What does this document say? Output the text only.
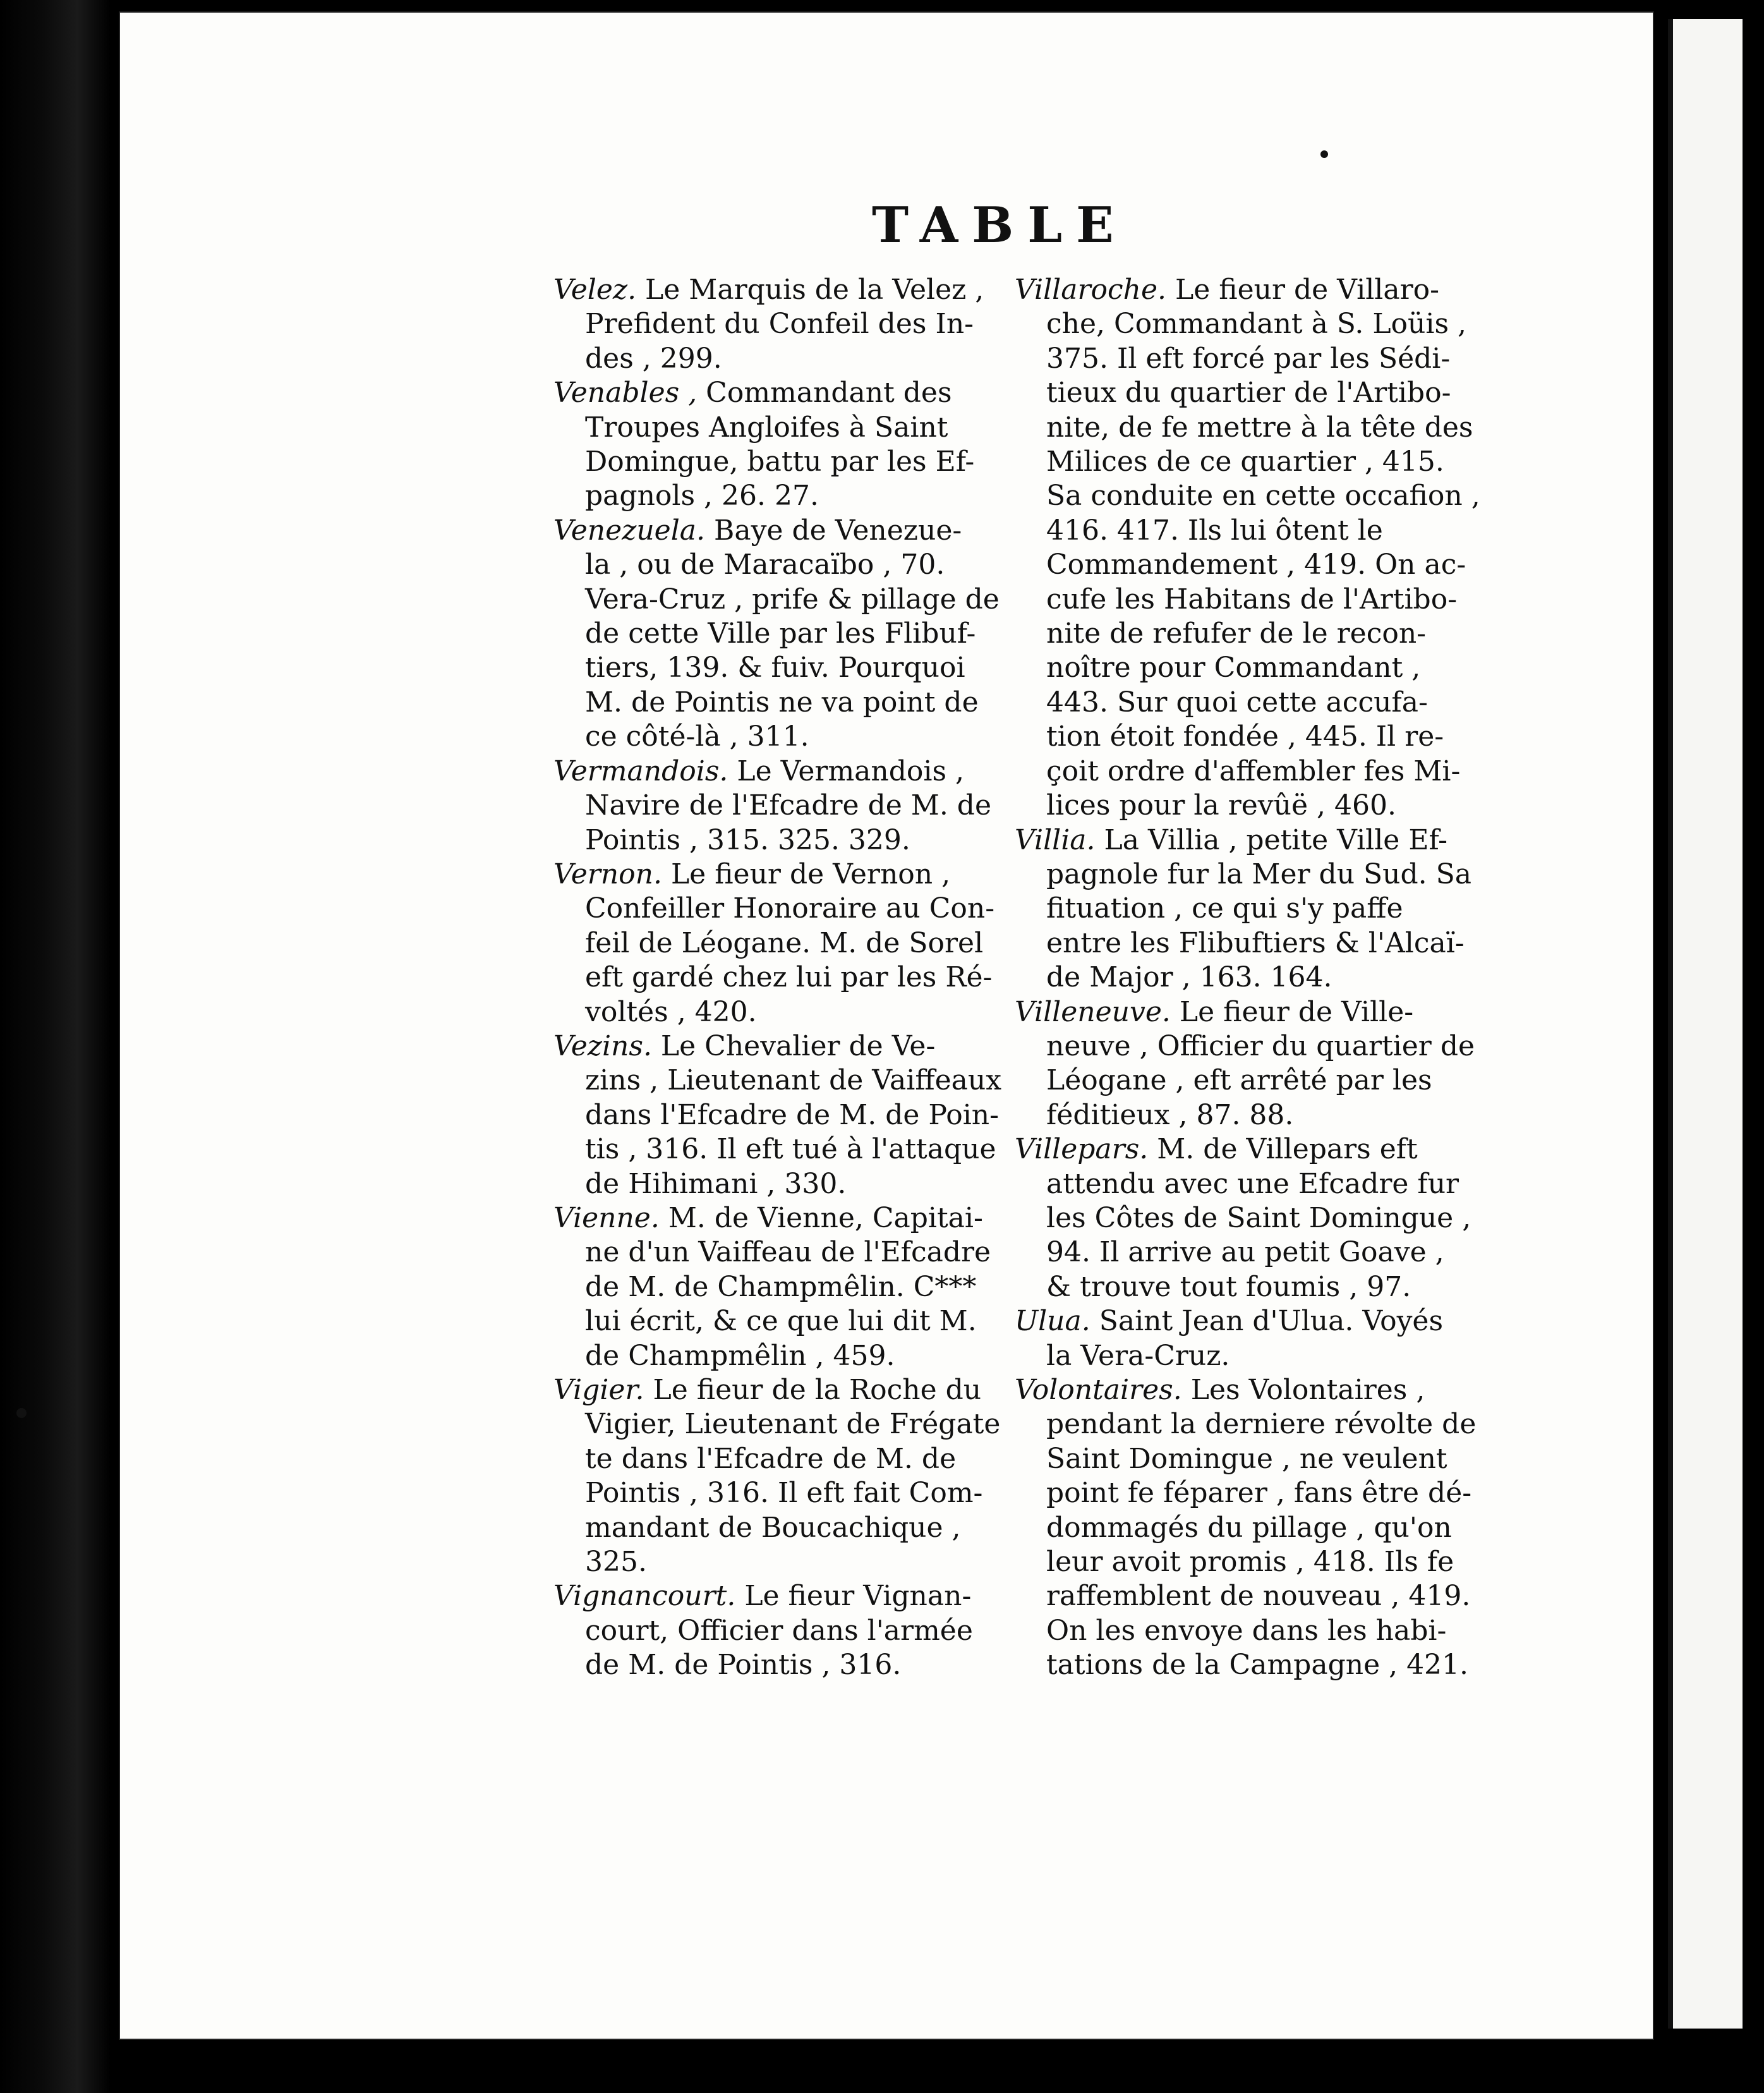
TABLE

Velez. Le Marquis de la Velez ,
Prefident du Confeil des In-
des , 299.

Venables , Commandant des
Troupes Angloifes à Saint
Domingue, battu par les Ef-
pagnols , 26. 27.

Venezuela. Baye de Venezue-
la , ou de Maracaïbo , 70.

Vera-Cruz , prife & pillage de
de cette Ville par les Flibuf-
tiers, 139. & fuiv. Pourquoi
M. de Pointis ne va point de
ce côté-là , 311.

Vermandois. Le Vermandois ,
Navire de l'Efcadre de M. de
Pointis , 315. 325. 329.

Vernon. Le fieur de Vernon ,
Confeiller Honoraire au Con-
feil de Léogane. M. de Sorel
eft gardé chez lui par les Ré-
voltés , 420.

Vezins. Le Chevalier de Ve-
zins , Lieutenant de Vaiffeaux
dans l'Efcadre de M. de Poin-
tis , 316. Il eft tué à l'attaque
de Hihimani , 330.

Vienne. M. de Vienne, Capitai-
ne d'un Vaiffeau de l'Efcadre
de M. de Champmêlin. C***
lui écrit, & ce que lui dit M.
de Champmêlin , 459.

Vigier. Le fieur de la Roche du
Vigier, Lieutenant de Frégate
te dans l'Efcadre de M. de
Pointis , 316. Il eft fait Com-
mandant de Boucachique ,
325.

Vignancourt. Le fieur Vignan-
court, Officier dans l'armée
de M. de Pointis , 316.

Villaroche. Le fieur de Villaro-
che, Commandant à S. Loüis ,
375. Il eft forcé par les Sédi-
tieux du quartier de l'Artibo-
nite, de fe mettre à la tête des
Milices de ce quartier , 415.
Sa conduite en cette occafion ,
416. 417. Ils lui ôtent le
Commandement , 419. On ac-
cufe les Habitans de l'Artibo-
nite de refufer de le recon-
noître pour Commandant ,
443. Sur quoi cette accufa-
tion étoit fondée , 445. Il re-
çoit ordre d'affembler fes Mi-
lices pour la revûë , 460.

Villia. La Villia , petite Ville Ef-
pagnole fur la Mer du Sud. Sa
fituation , ce qui s'y paffe
entre les Flibuftiers & l'Alcaï-
de Major , 163. 164.

Villeneuve. Le fieur de Ville-
neuve , Officier du quartier de
Léogane , eft arrêté par les
féditieux , 87. 88.

Villepars. M. de Villepars eft
attendu avec une Efcadre fur
les Côtes de Saint Domingue ,
94. Il arrive au petit Goave ,
& trouve tout foumis , 97.

Ulua. Saint Jean d'Ulua. Voyés
la Vera-Cruz.

Volontaires. Les Volontaires ,
pendant la derniere révolte de
Saint Domingue , ne veulent
point fe féparer , fans être dé-
dommagés du pillage , qu'on
leur avoit promis , 418. Ils fe
raffemblent de nouveau , 419.
On les envoye dans les habi-
tations de la Campagne , 421.
